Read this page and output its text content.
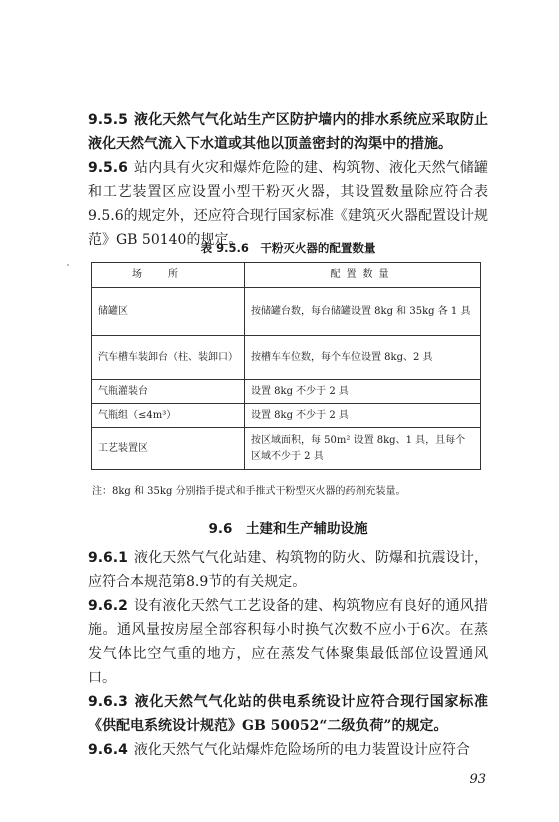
9.5.5 液化天然气气化站生产区防护墙内的排水系统应采取防止液化天然气流入下水道或其他以顶盖密封的沟渠中的措施。

9.5.6 站内具有火灾和爆炸危险的建、构筑物、液化天然气储罐和工艺装置区应设置小型干粉灭火器，其设置数量除应符合表9.5.6的规定外，还应符合现行国家标准《建筑灭火器配置设计规范》GB 50140的规定。

表 9.5.6　干粉灭火器的配置数量
场所	配置数量
储罐区	按储罐台数，每台储罐设置 8kg 和 35kg 各 1 具
汽车槽车装卸台（柱、装卸口）	按槽车车位数，每个车位设置 8kg、2 具
气瓶灌装台	设置 8kg 不少于 2 具
气瓶组（≤4m³）	设置 8kg 不少于 2 具
工艺装置区	按区域面积，每 50m² 设置 8kg、1 具，且每个区域不少于 2 具
注：8kg 和 35kg 分别指手提式和手推式干粉型灭火器的药剂充装量。
9.6　 土建和生产辅助设施

9.6.1 液化天然气气化站建、构筑物的防火、防爆和抗震设计，应符合本规范第8.9节的有关规定。

9.6.2 设有液化天然气工艺设备的建、构筑物应有良好的通风措施。通风量按房屋全部容积每小时换气次数不应小于6次。在蒸发气体比空气重的地方，应在蒸发气体聚集最低部位设置通风口。

9.6.3 液化天然气气化站的供电系统设计应符合现行国家标准《供配电系统设计规范》GB 50052“二级负荷”的规定。

9.6.4 液化天然气气化站爆炸危险场所的电力装置设计应符合

93
